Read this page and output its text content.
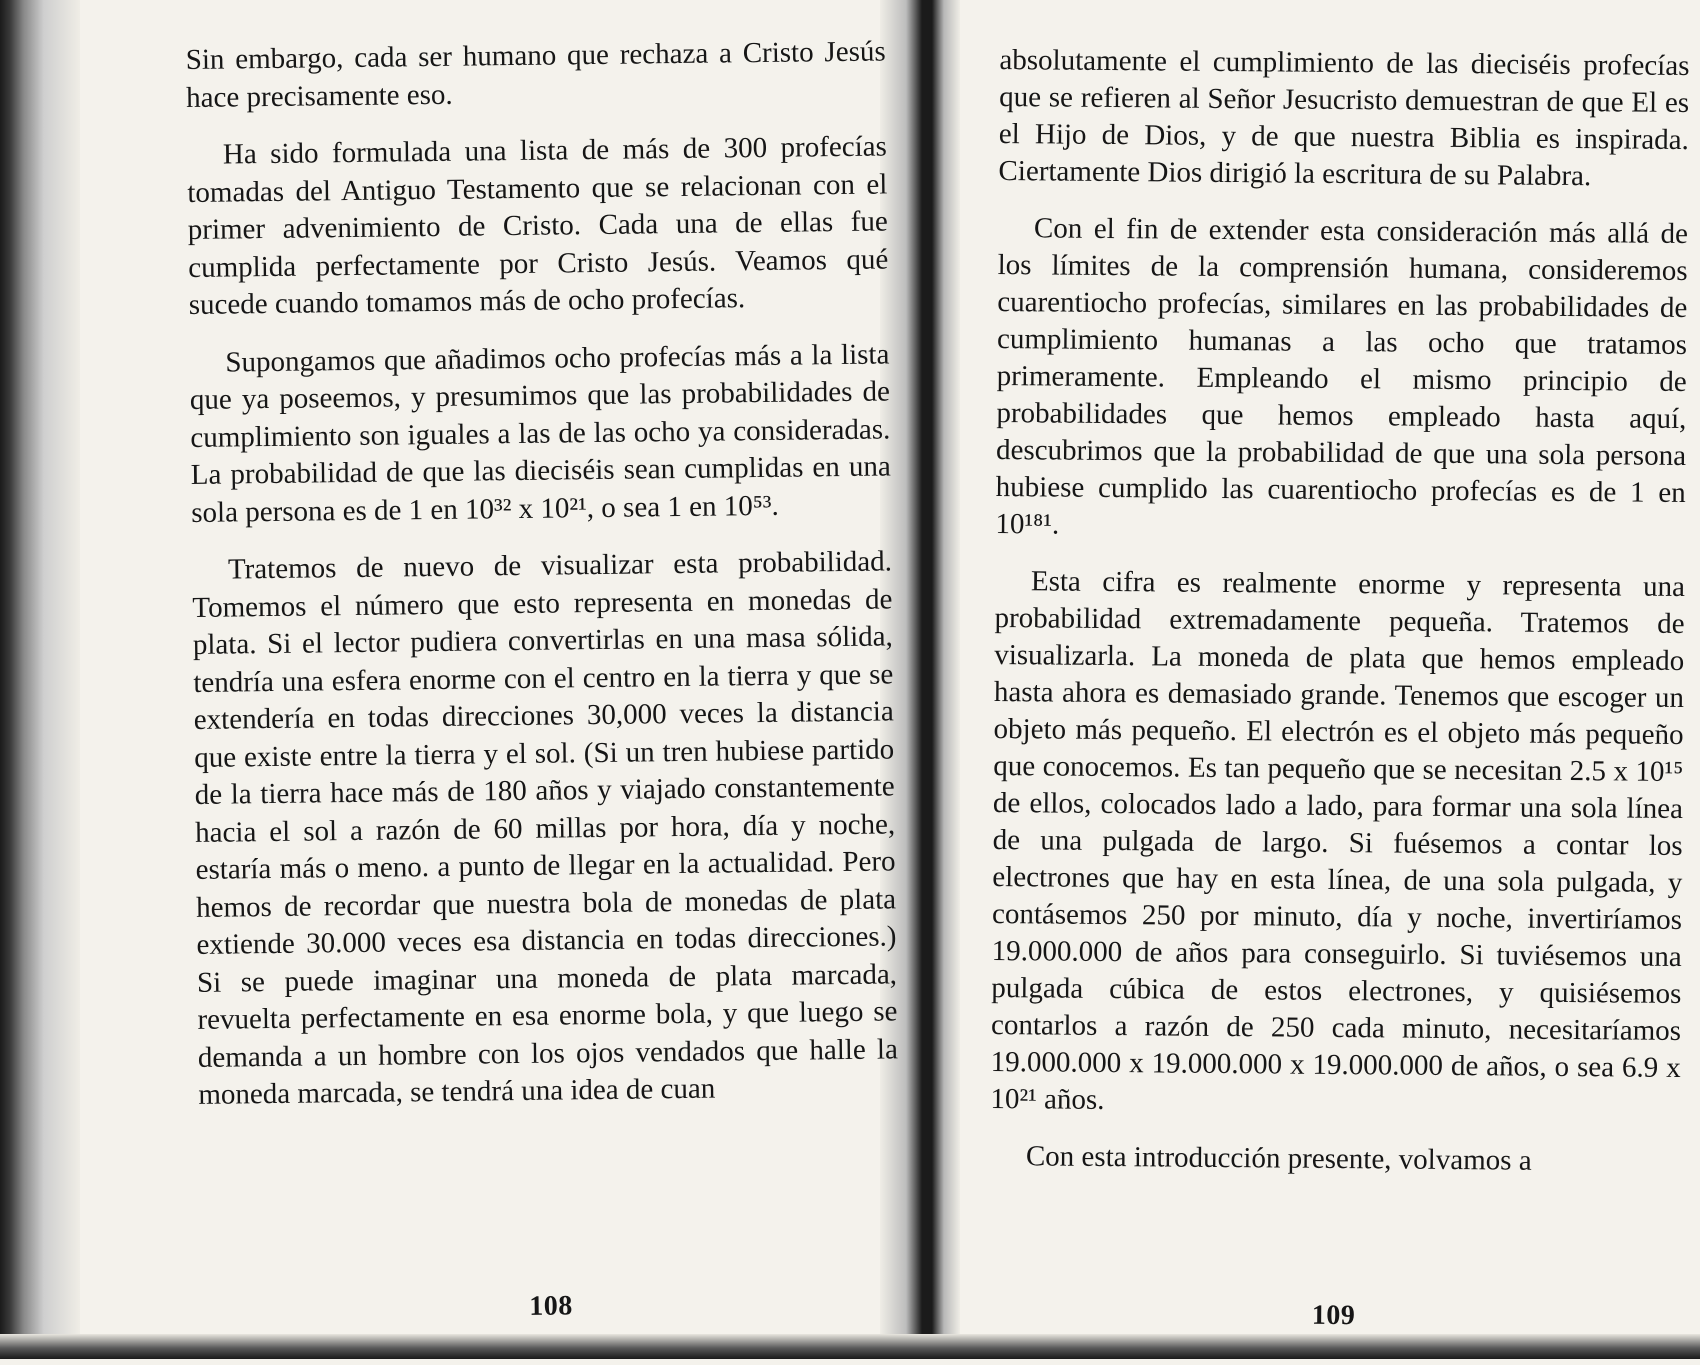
Sin embargo, cada ser humano que rechaza a Cristo Jesús hace precisamente eso.

Ha sido formulada una lista de más de 300 profecías tomadas del Antiguo Testamento que se relacionan con el primer advenimiento de Cristo. Cada una de ellas fue cumplida perfectamente por Cristo Jesús. Veamos qué sucede cuando tomamos más de ocho profecías.

Supongamos que añadimos ocho profecías más a la lista que ya poseemos, y presumimos que las probabilidades de cumplimiento son iguales a las de las ocho ya consideradas. La probabilidad de que las dieciséis sean cumplidas en una sola persona es de 1 en 10³² x 10²¹, o sea 1 en 10⁵³.

Tratemos de nuevo de visualizar esta probabilidad. Tomemos el número que esto representa en monedas de plata. Si el lector pudiera convertirlas en una masa sólida, tendría una esfera enorme con el centro en la tierra y que se extendería en todas direcciones 30,000 veces la distancia que existe entre la tierra y el sol. (Si un tren hubiese partido de la tierra hace más de 180 años y viajado constantemente hacia el sol a razón de 60 millas por hora, día y noche, estaría más o meno. a punto de llegar en la actualidad. Pero hemos de recordar que nuestra bola de monedas de plata extiende 30.000 veces esa distancia en todas direcciones.) Si se puede imaginar una moneda de plata marcada, revuelta perfectamente en esa enorme bola, y que luego se demanda a un hombre con los ojos vendados que halle la moneda marcada, se tendrá una idea de cuan

108

absolutamente el cumplimiento de las dieciséis profecías que se refieren al Señor Jesucristo demuestran de que El es el Hijo de Dios, y de que nuestra Biblia es inspirada. Ciertamente Dios dirigió la escritura de su Palabra.

Con el fin de extender esta consideración más allá de los límites de la comprensión humana, consideremos cuarentiocho profecías, similares en las probabilidades de cumplimiento humanas a las ocho que tratamos primeramente. Empleando el mismo principio de probabilidades que hemos empleado hasta aquí, descubrimos que la probabilidad de que una sola persona hubiese cumplido las cuarentiocho profecías es de 1 en 10¹⁸¹.

Esta cifra es realmente enorme y representa una probabilidad extremadamente pequeña. Tratemos de visualizarla. La moneda de plata que hemos empleado hasta ahora es demasiado grande. Tenemos que escoger un objeto más pequeño. El electrón es el objeto más pequeño que conocemos. Es tan pequeño que se necesitan 2.5 x 10¹⁵ de ellos, colocados lado a lado, para formar una sola línea de una pulgada de largo. Si fuésemos a contar los electrones que hay en esta línea, de una sola pulgada, y contásemos 250 por minuto, día y noche, invertiríamos 19.000.000 de años para conseguirlo. Si tuviésemos una pulgada cúbica de estos electrones, y quisiésemos contarlos a razón de 250 cada minuto, necesitaríamos 19.000.000 x 19.000.000 x 19.000.000 de años, o sea 6.9 x 10²¹ años.

Con esta introducción presente, volvamos a

109
